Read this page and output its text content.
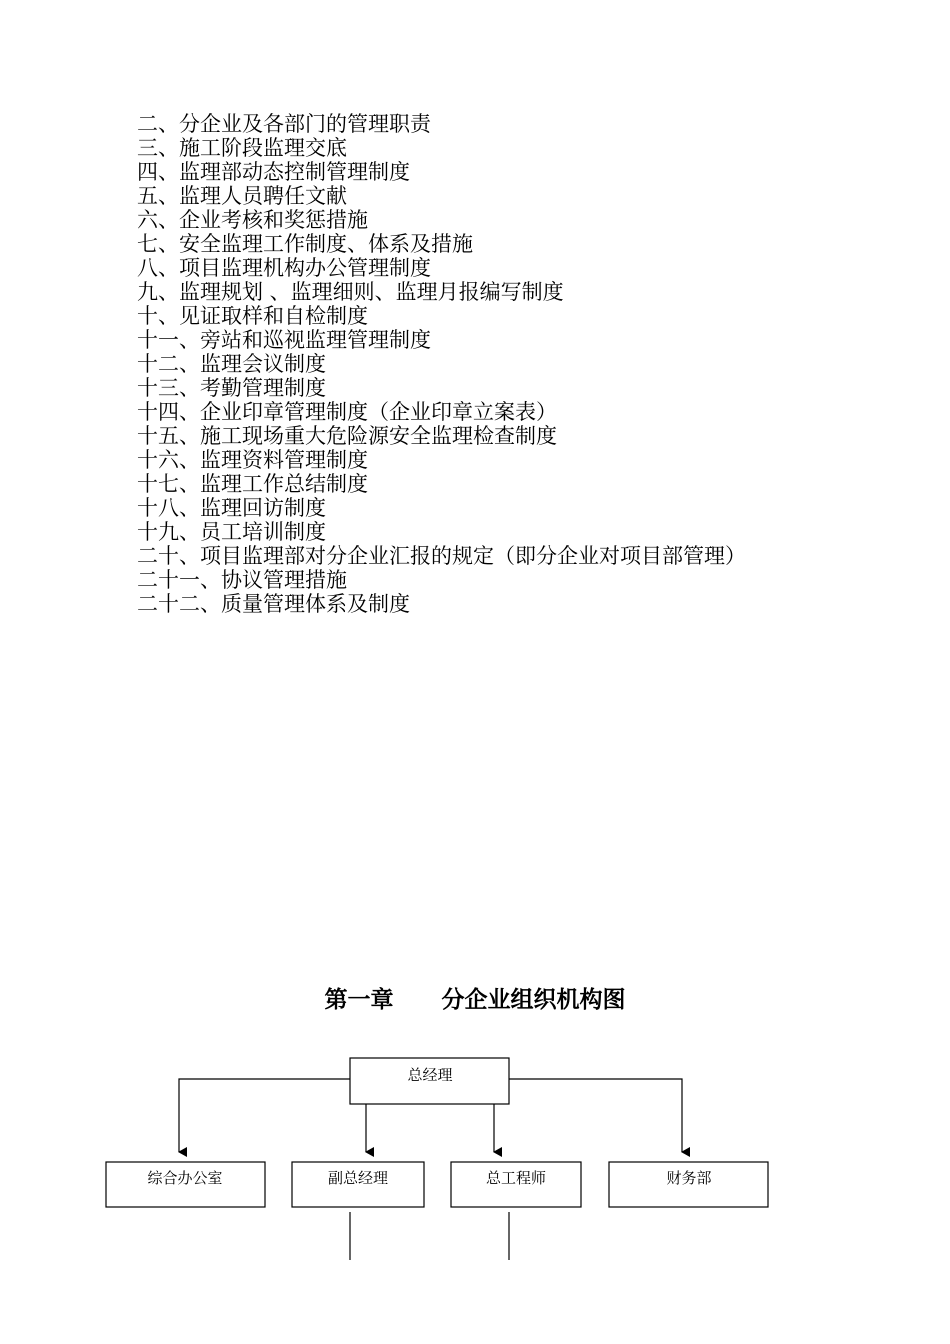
二、分企业及各部门的管理职责
三、施工阶段监理交底
四、监理部动态控制管理制度
五、监理人员聘任文献
六、企业考核和奖惩措施
七、安全监理工作制度、体系及措施
八、项目监理机构办公管理制度
九、监理规划 、监理细则、监理月报编写制度
十、见证取样和自检制度
十一、旁站和巡视监理管理制度
十二、监理会议制度
十三、考勤管理制度
十四、企业印章管理制度（企业印章立案表）
十五、施工现场重大危险源安全监理检查制度
十六、监理资料管理制度
十七、监理工作总结制度
十八、监理回访制度
十九、员工培训制度
二十、项目监理部对分企业汇报的规定（即分企业对项目部管理）
二十一、协议管理措施
二十二、质量管理体系及制度
第一章      分企业组织机构图
总经理
综合办公室	副总经理	总工程师	财务部
